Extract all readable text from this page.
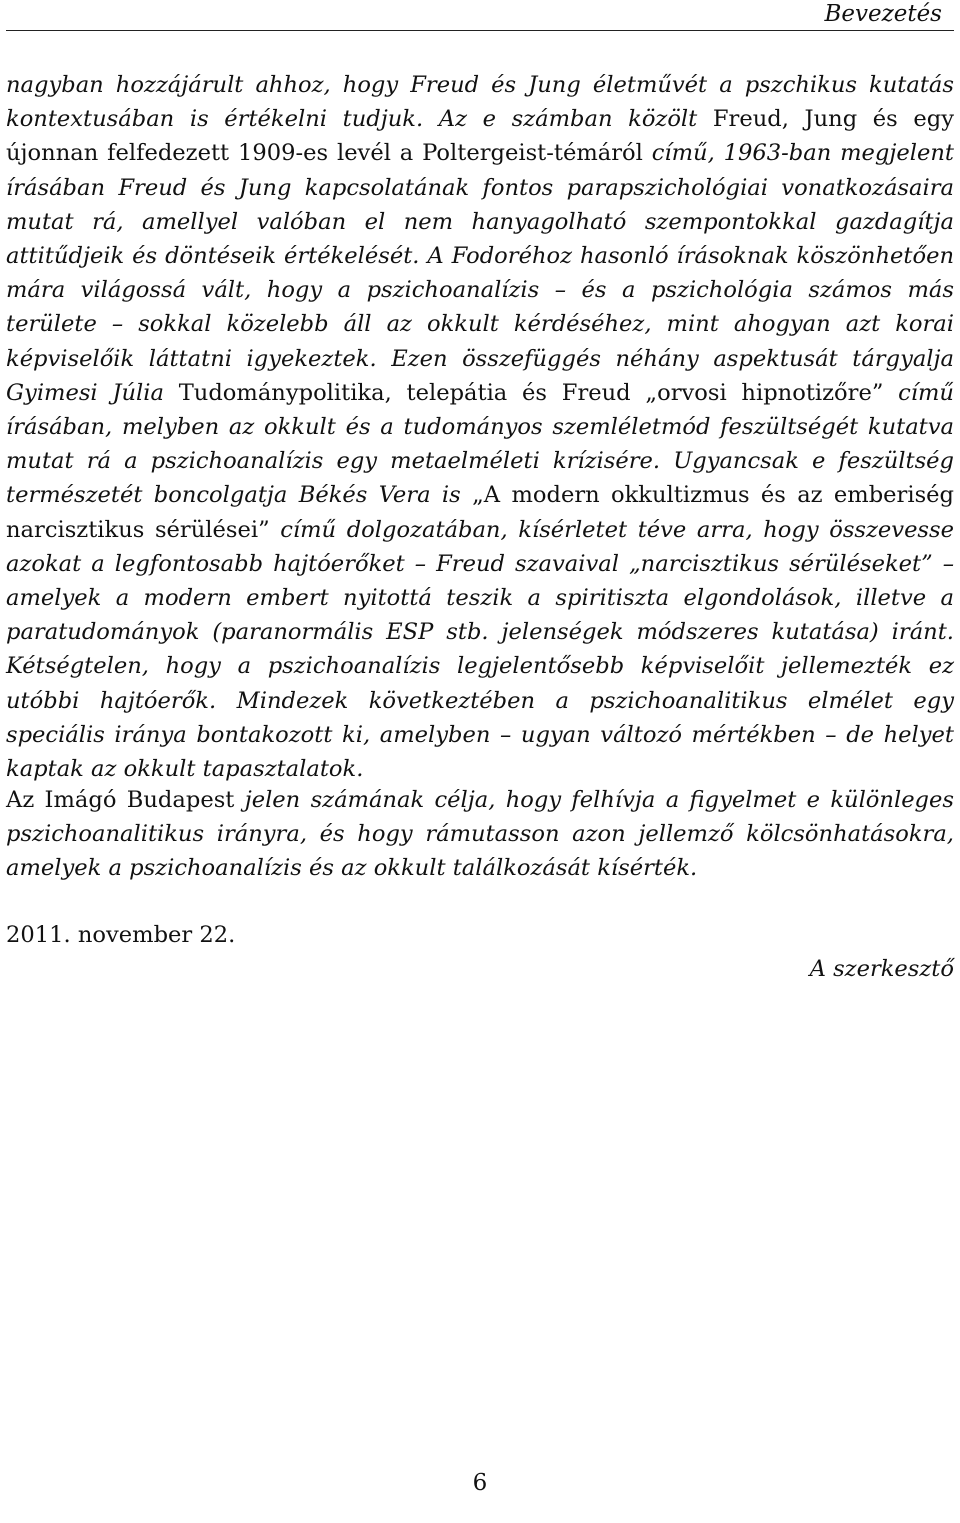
Bevezetés

nagyban hozzájárult ahhoz, hogy Freud és Jung életművét a pszchikus kutatás kontextusában is értékelni tudjuk. Az e számban közölt Freud, Jung és egy újonnan felfedezett 1909-es levél a Poltergeist-témáról című, 1963-ban megjelent írásában Freud és Jung kapcsolatának fontos parapszichológiai vonatkozásaira mutat rá, amellyel valóban el nem hanyagolható szempontokkal gazdagítja attitűdjeik és döntéseik értékelését. A Fodoréhoz hasonló írásoknak köszönhetően mára világossá vált, hogy a pszichoanalízis – és a pszichológia számos más területe – sokkal közelebb áll az okkult kérdéséhez, mint ahogyan azt korai képviselőik láttatni igyekeztek. Ezen összefüggés néhány aspektusát tárgyalja Gyimesi Júlia Tudománypolitika, telepátia és Freud „orvosi hipnotizőre” című írásában, melyben az okkult és a tudományos szemléletmód feszültségét kutatva mutat rá a pszichoanalízis egy metaelméleti krízisére. Ugyancsak e feszültség természetét boncolgatja Békés Vera is „A modern okkultizmus és az emberiség narcisztikus sérülései” című dolgozatában, kísérletet téve arra, hogy összevesse azokat a legfontosabb hajtóerőket – Freud szavaival „narcisztikus sérüléseket” – amelyek a modern embert nyitottá teszik a spiritiszta elgondolások, illetve a paratudományok (paranormális ESP stb. jelenségek módszeres kutatása) iránt. Kétségtelen, hogy a pszichoanalízis legjelentősebb képviselőit jellemezték ez utóbbi hajtóerők. Mindezek következtében a pszichoanalitikus elmélet egy speciális iránya bontakozott ki, amelyben – ugyan változó mértékben – de helyet kaptak az okkult tapasztalatok.

Az Imágó Budapest jelen számának célja, hogy felhívja a figyelmet e különleges pszichoanalitikus irányra, és hogy rámutasson azon jellemző kölcsönhatásokra, amelyek a pszichoanalízis és az okkult találkozását kísérték.

2011. november 22.
A szerkesztő
6
